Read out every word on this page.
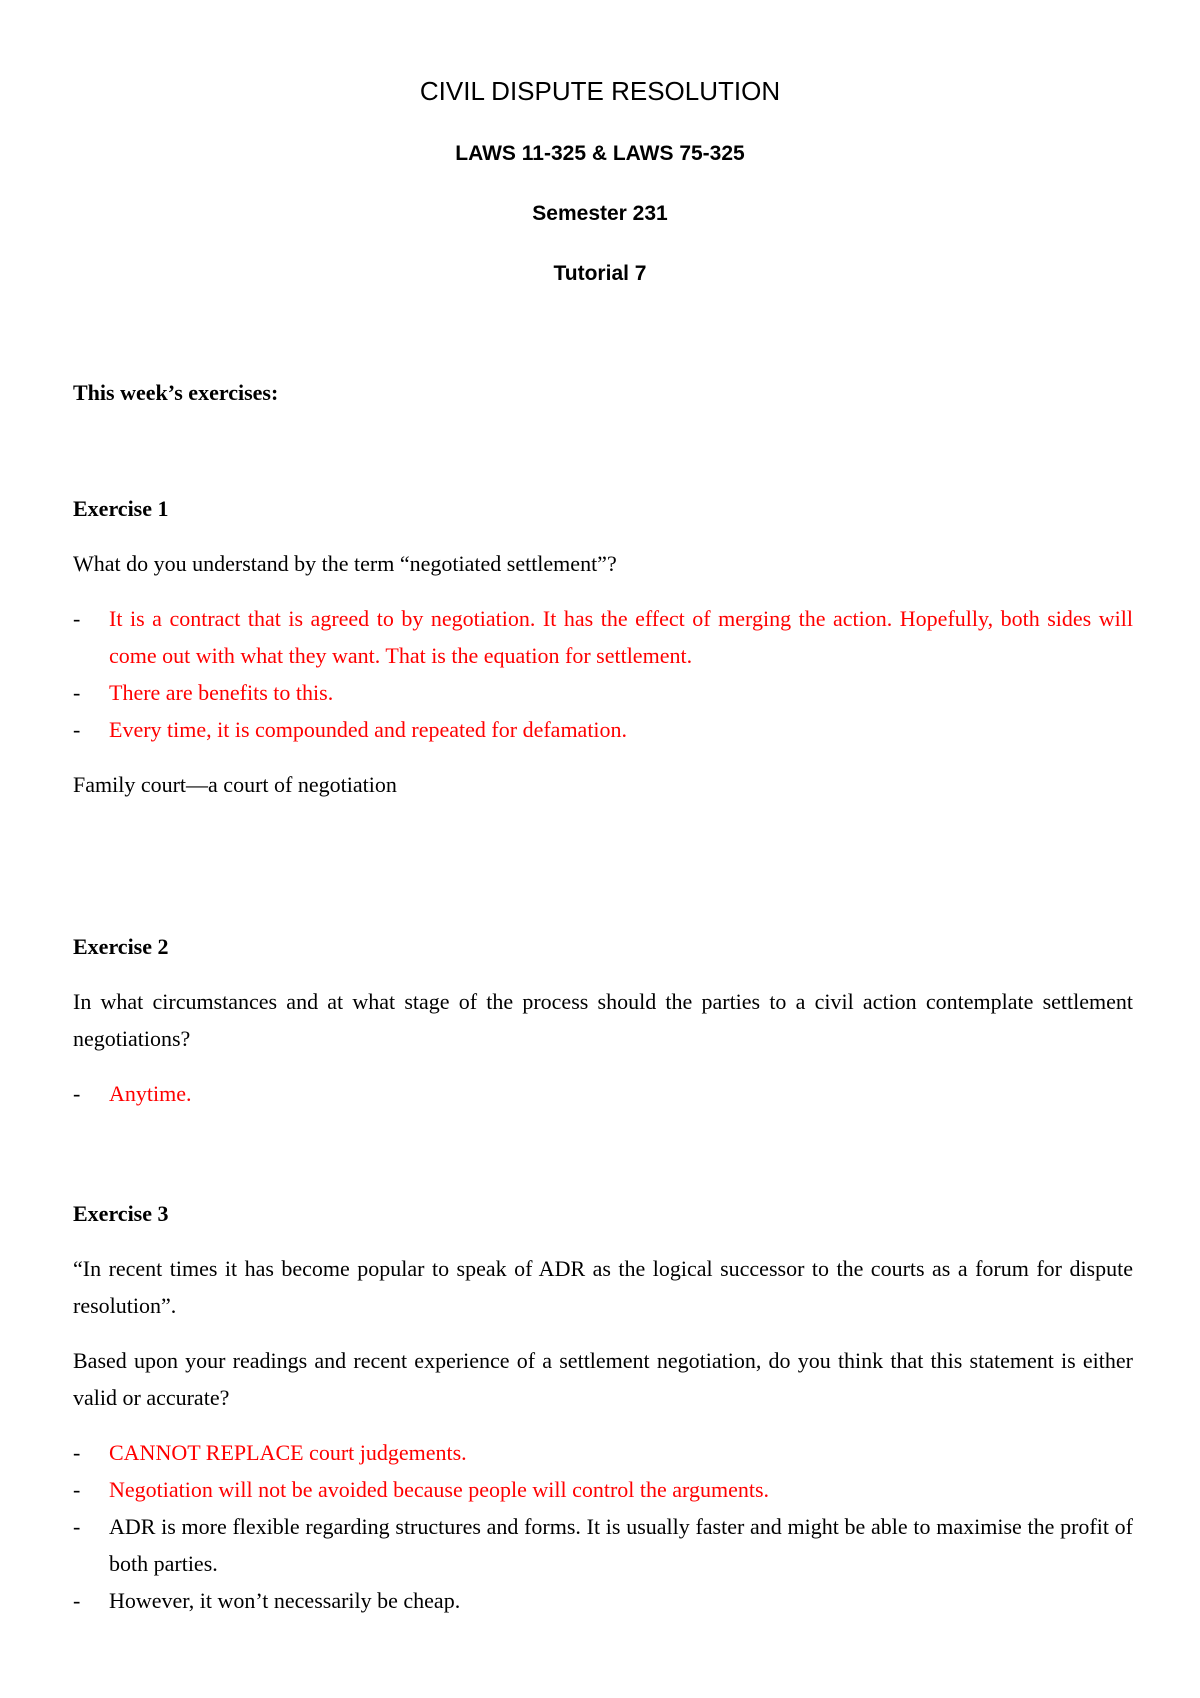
CIVIL DISPUTE RESOLUTION
LAWS 11-325 & LAWS 75-325
Semester 231
Tutorial 7
This week’s exercises:

Exercise 1

What do you understand by the term “negotiated settlement”?

- It is a contract that is agreed to by negotiation. It has the effect of merging the action. Hopefully, both sides will come out with what they want. That is the equation for settlement.
- There are benefits to this.
- Every time, it is compounded and repeated for defamation.

Family court—a court of negotiation

Exercise 2

In what circumstances and at what stage of the process should the parties to a civil action contemplate settlement negotiations?

- Anytime.

Exercise 3

“In recent times it has become popular to speak of ADR as the logical successor to the courts as a forum for dispute resolution”.

Based upon your readings and recent experience of a settlement negotiation, do you think that this statement is either valid or accurate?

- CANNOT REPLACE court judgements.
- Negotiation will not be avoided because people will control the arguments.
- ADR is more flexible regarding structures and forms. It is usually faster and might be able to maximise the profit of both parties.
- However, it won’t necessarily be cheap.
